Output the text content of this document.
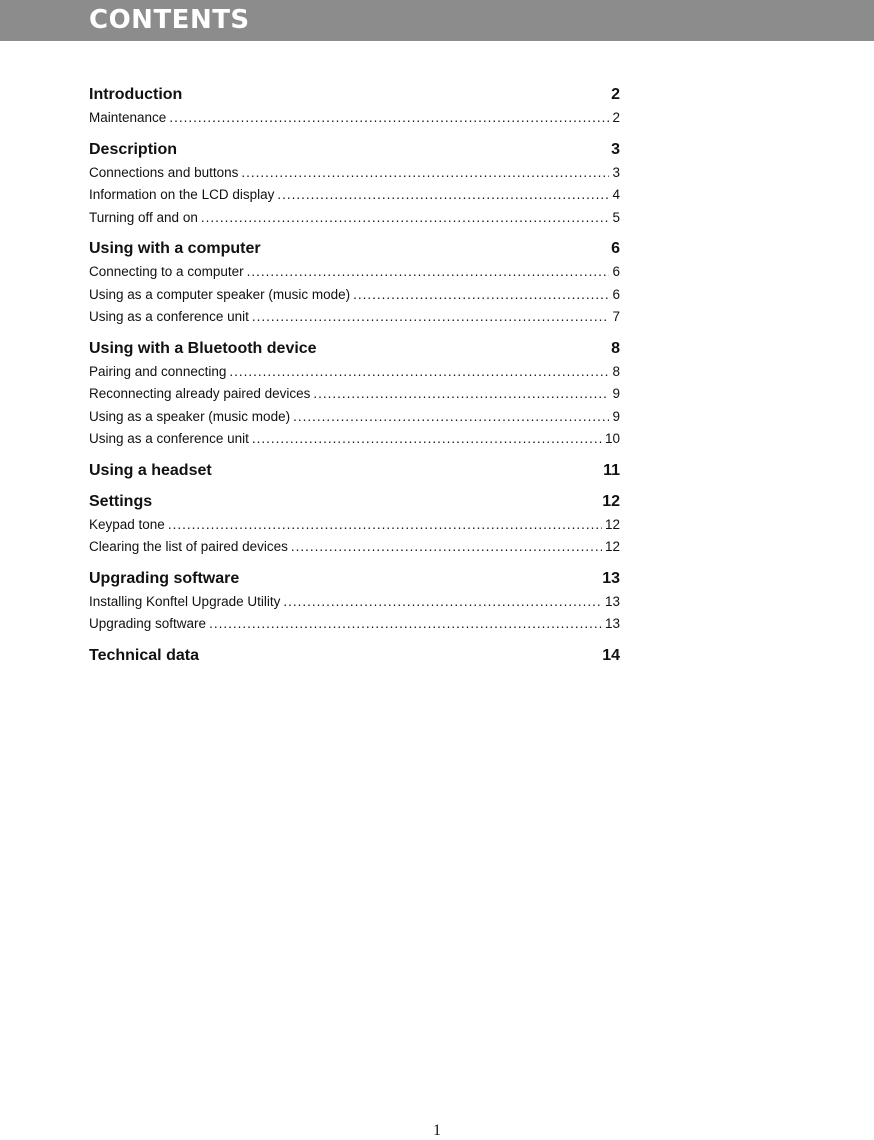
CONTENTS
Introduction	2
Maintenance .....	2
Description	3
Connections and buttons .....	3
Information on the LCD display .....	4
Turning off and on .....	5
Using with a computer	6
Connecting to a computer .....	6
Using as a computer speaker (music mode) .....	6
Using as a conference unit .....	7
Using with a Bluetooth device	8
Pairing and connecting .....	8
Reconnecting already paired devices .....	9
Using as a speaker (music mode) .....	9
Using as a conference unit .....	10
Using a headset	11
Settings	12
Keypad tone .....	12
Clearing the list of paired devices .....	12
Upgrading software	13
Installing Konftel Upgrade Utility .....	13
Upgrading software .....	13
Technical data	14
1
